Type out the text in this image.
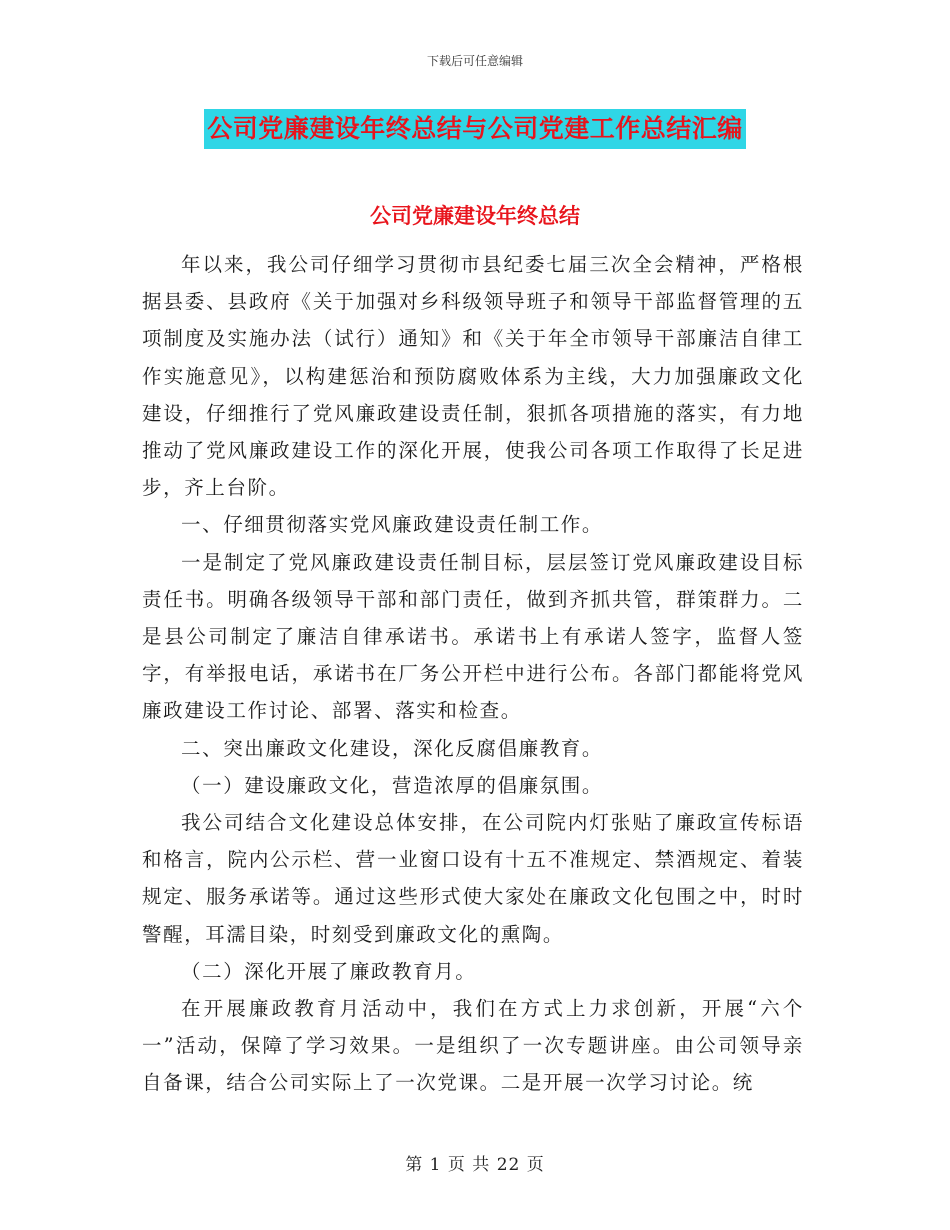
下载后可任意编辑
公司党廉建设年终总结与公司党建工作总结汇编
公司党廉建设年终总结

年以来，我公司仔细学习贯彻市县纪委七届三次全会精神，严格根据县委、县政府《关于加强对乡科级领导班子和领导干部监督管理的五项制度及实施办法（试行）通知》和《关于年全市领导干部廉洁自律工作实施意见》，以构建惩治和预防腐败体系为主线，大力加强廉政文化建设，仔细推行了党风廉政建设责任制，狠抓各项措施的落实，有力地推动了党风廉政建设工作的深化开展，使我公司各项工作取得了长足进步，齐上台阶。

一、仔细贯彻落实党风廉政建设责任制工作。

一是制定了党风廉政建设责任制目标，层层签订党风廉政建设目标责任书。明确各级领导干部和部门责任，做到齐抓共管，群策群力。二是县公司制定了廉洁自律承诺书。承诺书上有承诺人签字，监督人签字，有举报电话，承诺书在厂务公开栏中进行公布。各部门都能将党风廉政建设工作讨论、部署、落实和检查。

二、突出廉政文化建设，深化反腐倡廉教育。

（一）建设廉政文化，营造浓厚的倡廉氛围。

我公司结合文化建设总体安排，在公司院内灯张贴了廉政宣传标语和格言，院内公示栏、营一业窗口设有十五不准规定、禁酒规定、着装规定、服务承诺等。通过这些形式使大家处在廉政文化包围之中，时时警醒，耳濡目染，时刻受到廉政文化的熏陶。

（二）深化开展了廉政教育月。

在开展廉政教育月活动中，我们在方式上力求创新，开展“六个一”活动，保障了学习效果。一是组织了一次专题讲座。由公司领导亲自备课，结合公司实际上了一次党课。二是开展一次学习讨论。统

第 1 页 共 22 页
